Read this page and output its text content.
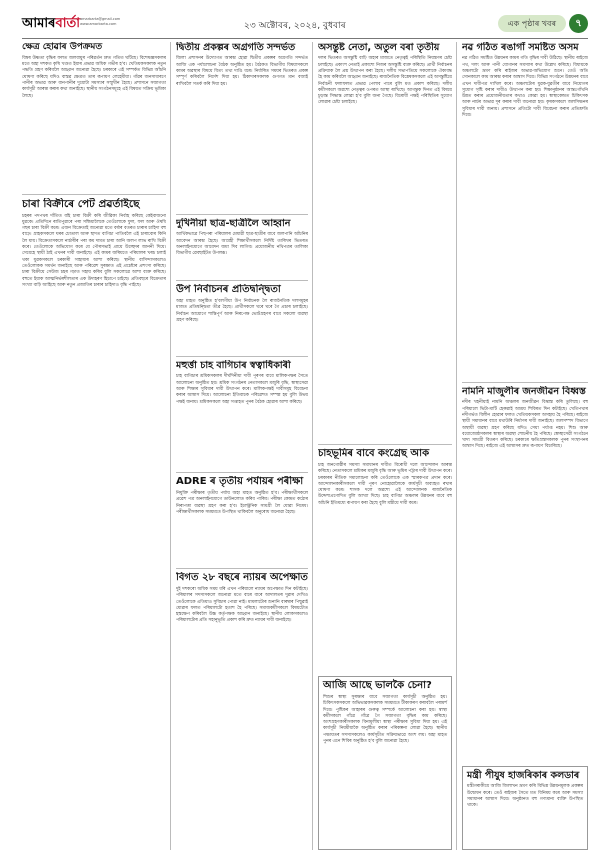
আমাৰ বাৰ্তা amarbarta@gmail.com
www.amarbarta.com	২৩ অক্টোবৰ, ২০২৪, বুধবাৰ	এক পৃষ্ঠাৰ খবৰ	৭
ক্ষেত্ৰ হোৱাৰ উপক্ৰমত

বিশ্বৰ উষ্ণতা বৃদ্ধিৰ ফলত জলবায়ুৰ পৰিৱৰ্তন দ্ৰুত গতিত ঘটিছে। বিশেষজ্ঞসকলৰ মতে অহা দশকত কৃষি খণ্ডত ইয়াৰ প্ৰভাৱ অধিক গভীৰ হ'ব। খেতিয়কসকলক নতুন পদ্ধতি গ্ৰহণ কৰিবলৈ আহ্বান জনোৱা হৈছে। চৰকাৰে এই সম্পৰ্কত বিভিন্ন আঁচনি ঘোষণা কৰিছে যদিও বাস্তৱ ক্ষেত্ৰত তাৰ ৰূপায়ণ লেহেমীয়া। গাঁৱৰ জনসাধাৰণে পানীৰ অভাৱ আৰু বানপানীৰ দুয়োটা সমস্যাৰ সন্মুখীন হৈছে। প্ৰশাসনে সজাগতা কাৰ্যসূচী আৰম্ভ কৰাৰ কথা জনাইছে। স্থানীয় সংগঠনসমূহে এই বিষয়ত সক্ৰিয় ভূমিকা লৈছে।

চাৰা বিক্ৰীৰে পেট প্ৰৱৰ্তাইছে

চহৰৰ পদপথৰ দাঁতিত বহি চাৰা বিক্ৰী কৰি জীৱিকা নিৰ্বাহ কৰিছে কেইবাজনো যুৱকে। প্ৰতিদিনে ৰাতিপুৱাৰে পৰা সন্ধিয়ালৈকে তেওঁলোকে ফুল, ফল আৰু ঔষধি গছৰ চাৰা বিক্ৰী কৰে। এজন বিক্ৰেতাই জনোৱা মতে বৰ্ষাৰ বতৰত চাৰাৰ চাহিদা বহু বাঢ়ে। গ্ৰাহকসকলে ঘৰৰ চোতাল আৰু ছাদত বাগিচা পাতিবলৈ এই চাৰাবোৰ কিনি লৈ যায়। বিক্ৰেতাসকলে নাৰ্চাৰীৰ পৰা কম দামত চাৰা আনি অলপ লাভ ৰাখি বিক্ৰী কৰে। তেওঁলোকে অভিযোগ কৰে যে পৌৰসভাই প্ৰায়ে উচ্ছেদৰ জাননী দিয়ে। সেয়েহে স্থায়ী ঠাই এখনৰ দাবী জনাইছে। এই কামৰ জৰিয়তে পৰিয়ালৰ খৰচ চলাই থকা যুৱকসকলে চৰকাৰী সাহায্যৰ আশা কৰিছে। স্থানীয় বাসিন্দাসকলেও তেওঁলোকক সমৰ্থন জনাইছে আৰু পৰিৱেশ সুৰক্ষাত এই প্ৰচেষ্টাৰ প্ৰশংসা কৰিছে। চাৰা বিক্ৰীয়ে সেউজ চহৰ গঢ়াত সহায় কৰিব বুলি সকলোৱে আশা ব্যক্ত কৰিছে। বহুতে ইয়াক আত্মনিৰ্ভৰশীলতাৰ এক উদাহৰণ হিচাপে চাইছে। প্ৰতিবছৰে বিক্ৰেতাৰ সংখ্যা বাঢ়ি আহিছে আৰু নতুন প্ৰজাতিৰ চাৰাৰ চাহিদাও বৃদ্ধি পাইছে।

দ্বিতীয় প্ৰকল্পৰ অগ্ৰগতি সন্দৰ্ভত

জিলা প্ৰশাসনৰ উদ্যোগত আৰম্ভ হোৱা দ্বিতীয় প্ৰকল্পৰ অগ্ৰগতি সন্দৰ্ভত আজি এক পৰ্যালোচনা বৈঠক অনুষ্ঠিত হয়। বৈঠকত বিভাগীয় বিষয়াসকলে কামৰ অৱস্থাৰ বিষয়ে বিতং তথ্য দাঙি ধৰে। নিৰ্ধাৰিত সময়ৰ ভিতৰত প্ৰকল্প সম্পূৰ্ণ কৰিবলৈ নিৰ্দেশ দিয়া হয়। ঠিকাদাৰসকলক গুণগত মান বজাই ৰাখিবলৈ সতৰ্ক কৰি দিয়া হয়।

দুখিনীয়া ছাত্ৰ-ছাত্ৰীলৈ আহ্বান

আৰ্থিকভাৱে পিছপৰা পৰিয়ালৰ মেধাৱী ছাত্ৰ-ছাত্ৰীৰ বাবে জলপানি আঁচনিৰ আবেদন আৰম্ভ হৈছে। আগ্ৰহী শিক্ষাৰ্থীসকলে নিৰ্দিষ্ট তাৰিখৰ ভিতৰত অনলাইনযোগে আবেদন জমা দিব লাগিব। প্ৰয়োজনীয় নথিপত্ৰৰ তালিকা বিভাগীয় ৱেবছাইটত উপলব্ধ।

উপ নিৰ্বাচনৰ প্ৰতিদ্বন্দ্বিতা

অহা মাহত অনুষ্ঠিত হ'বলগীয়া উপ নিৰ্বাচনক লৈ ৰাজনৈতিক দলসমূহৰ মাজত প্ৰতিদ্বন্দ্বিতা তীব্ৰ হৈছে। প্ৰাৰ্থীসকলে ঘৰে ঘৰে গৈ প্ৰচাৰ চলাইছে। নিৰ্বাচন আয়োগে শান্তিপূৰ্ণ আৰু নিৰপেক্ষ ভোটগ্ৰহণৰ বাবে সকলো ব্যৱস্থা গ্ৰহণ কৰিছে।

মহুৰ্ত্তা চাহ বাগিচাৰ স্বত্বাধিকাৰী

চাহ বাগিচাৰ শ্ৰমিকসকলৰ দীৰ্ঘদিনীয়া দাবী পূৰণৰ বাবে মালিকপক্ষৰ সৈতে আলোচনা অনুষ্ঠিত হয়। শ্ৰমিক সংগঠনৰ নেতাসকলে মজুৰি বৃদ্ধি, স্বাস্থ্যসেৱা আৰু শিক্ষাৰ সুবিধাৰ দাবী উত্থাপন কৰে। মালিকপক্ষই দাবীসমূহ বিবেচনা কৰাৰ আশ্বাস দিয়ে। আলোচনা ইতিবাচক পৰিৱেশত সম্পন্ন হয় বুলি উভয় পক্ষই জনায়। শ্ৰমিকসকলে অহা সপ্তাহত পুনৰ বৈঠক হোৱাৰ আশা কৰিছে।

ADRE ৰ তৃতীয় পৰ্যায়ৰ পৰীক্ষা

নিযুক্তি পৰীক্ষাৰ তৃতীয় পৰ্যায় অহা মাহত অনুষ্ঠিত হ'ব। পৰীক্ষাৰ্থীসকলে প্ৰৱেশ পত্ৰ অনলাইনযোগে ডাউনলোড কৰিব পাৰিব। পৰীক্ষা কেন্দ্ৰত কঠোৰ নিৰাপত্তা ব্যৱস্থা গ্ৰহণ কৰা হ'ব। ইলেক্ট্ৰনিক সামগ্ৰী লৈ যোৱা নিষেধ। পৰীক্ষাৰ্থীসকলক সময়মতে উপস্থিত থাকিবলৈ অনুৰোধ জনোৱা হৈছে।

বিগত ২৮ বছৰে ন্যায়ৰ অপেক্ষাত

দুই দশকৰো অধিক সময় ধৰি এখন পৰিয়ালে ন্যায়ৰ অপেক্ষাত দিন কটাইছে। পৰিয়ালৰ সদস্যসকলে জনোৱা মতে বাৰে বাৰে আদালতৰ দুৱাৰ দেখিও তেওঁলোকে এতিয়াও সুবিচাৰ পোৱা নাই। মামলাটোৰ শুনানি বাৰম্বাৰ পিছুৱাই যোৱাৰ ফলত পৰিয়ালটো হতাশ হৈ পৰিছে। সমাজকৰ্মীসকলে বিষয়টোত হস্তক্ষেপ কৰিবলৈ উচ্চ কৰ্তৃপক্ষক আহ্বান জনাইছে। স্থানীয় লোকসকলেও পৰিয়ালটোৰ প্ৰতি সহানুভূতি প্ৰকাশ কৰি দ্ৰুত ন্যায়ৰ দাবী জনাইছে।

অসন্তুষ্ট নেতা, অতুল বৰা তৃতীয়

দলৰ ভিতৰত অসন্তুষ্টি বাঢ়ি অহাৰ মাজতে নেতৃত্বই পৰিস্থিতি নিয়ন্ত্ৰণৰ চেষ্টা চলাইছে। একাংশ নেতাই প্ৰকাশ্যে নিজৰ অসন্তুষ্টি ব্যক্ত কৰিছে। প্ৰাৰ্থী নিৰ্বাচনৰ প্ৰক্ৰিয়াক লৈ প্ৰশ্ন উত্থাপন কৰা হৈছে। দলীয় সভাপতিয়ে সকলোকে ঐক্যবদ্ধ হৈ কাম কৰিবলৈ আহ্বান জনাইছে। ৰাজনৈতিক বিশ্লেষকসকলে এই অসন্তুষ্টিয়ে নিৰ্বাচনী ফলাফলত প্ৰভাৱ পেলাব পাৰে বুলি মত প্ৰকাশ কৰিছে। দলীয় কৰ্মীসকলে অৱশ্যে নেতৃত্বৰ ওপৰত আস্থা ৰাখিছে। আগন্তুক দিনত এই বিষয়ে চূড়ান্ত সিদ্ধান্ত লোৱা হ'ব বুলি জনা গৈছে। বিৰোধী পক্ষই পৰিস্থিতিৰ সুযোগ লোৱাৰ চেষ্টা চলাইছে।

চাহভূমিৰ বাবে কংগ্ৰেছ আক

চাহ জনগোষ্ঠীৰ সমস্যা সমাধানৰ দাবীত বিৰোধী দলে আন্দোলন আৰম্ভ কৰিছে। নেতাসকলে শ্ৰমিকৰ মজুৰি বৃদ্ধি আৰু ভূমিৰ পট্টাৰ দাবী উত্থাপন কৰে। চৰকাৰৰ নীতিক সমালোচনা কৰি তেওঁলোকে এক স্মাৰকপত্ৰ প্ৰদান কৰে। আন্দোলনকাৰীসকলে দাবী পূৰণ নোহোৱালৈকে কাৰ্যসূচী অব্যাহত ৰখাৰ ঘোষণা কৰে। শাসক দলে অৱশ্যে এই আন্দোলনক ৰাজনৈতিক উদ্দেশ্যপ্ৰণোদিত বুলি আখ্যা দিছে। চাহ বাগিচা অঞ্চলৰ উন্নয়নৰ বাবে বহু আঁচনি ইতিমধ্যে ৰূপায়ণ কৰা হৈছে বুলি মন্ত্ৰীয়ে দাবী কৰে।

আজি আছে ভালকৈ চেনা?

শিশুৰ স্বাস্থ্য সুৰক্ষাৰ বাবে সজাগতা কাৰ্যসূচী অনুষ্ঠিত হয়। চিকিৎসকসকলে অভিভাৱকসকলক সময়মতে টীকাকৰণ কৰাবলৈ পৰামৰ্শ দিয়ে। পুষ্টিকৰ আহাৰৰ গুৰুত্ব সম্পৰ্কে আলোচনা কৰা হয়। স্বাস্থ্য কৰ্মীসকলে গাঁৱে গাঁৱে গৈ সজাগতা বৃদ্ধিৰ কাম কৰিছে। অংশগ্ৰহণকাৰীসকলক বিনামূলীয়া স্বাস্থ্য পৰীক্ষাৰ সুবিধা দিয়া হয়। এই কাৰ্যসূচী নিয়মীয়াকৈ অনুষ্ঠিত কৰাৰ পৰিকল্পনা লোৱা হৈছে। স্থানীয় পঞ্চায়তৰ সদস্যসকলেও কাৰ্যসূচীত সক্ৰিয়ভাৱে অংশ লয়। অহা মাহত পুনৰ এনে শিবিৰ অনুষ্ঠিত হ'ব বুলি জনোৱা হৈছে।

নৱ গঠিত ৰঙাগাঁ সমষ্টিত অসম

নৱ গঠিত সমষ্টিত উন্নয়নৰ কামৰ গতি বৃদ্ধিৰ দাবী উঠিছে। স্থানীয় ৰাইজে পথ, দলং আৰু পানী যোগানৰ সমস্যাৰ কথা উল্লেখ কৰিছে। বিধায়কে অঞ্চলটো ভ্ৰমণ কৰি ৰাইজৰ অভাৱ-অভিযোগ শুনে। তেওঁ অতি সোনকালে কাম আৰম্ভ কৰাৰ আশ্বাস দিয়ে। বিভিন্ন সংগঠনে উন্নয়নৰ বাবে এখন দাবীপত্ৰ দাখিল কৰে। অঞ্চলটোৰ যুৱক-যুৱতীৰ বাবে নিয়োগৰ সুযোগ সৃষ্টি কৰাৰ দাবীও উত্থাপন কৰা হয়। শিক্ষানুষ্ঠানৰ আন্তঃগাঁথনি উন্নত কৰাৰ প্ৰয়োজনীয়তাৰ কথাও কোৱা হয়। স্বাস্থ্যকেন্দ্ৰত চিকিৎসক আৰু নাৰ্চৰ অভাৱ দূৰ কৰাৰ দাবী জনোৱা হয়। কৃষকসকলে জলসিঞ্চনৰ সুবিধাৰ দাবী জনায়। প্ৰশাসনে প্ৰতিটো দাবী বিবেচনা কৰাৰ প্ৰতিশ্ৰুতি দিয়ে।

নামনি মাজুলীৰ জনজীৱন বিধ্বস্ত

নদীৰ খহনীয়াই নামনি অঞ্চলৰ জনজীৱন বিধ্বস্ত কৰি তুলিছে। বহু পৰিয়ালে ভিটা-মাটি হেৰুৱাই আশ্ৰয় শিবিৰত দিন কটাইছে। খেতিপথাৰ নদীগৰ্ভত বিলীন হোৱাৰ ফলত খেতিয়কসকল অসহায় হৈ পৰিছে। ৰাইজে স্থায়ী সমাধানৰ বাবে মথাউৰি নিৰ্মাণৰ দাবী জনাইছে। জলসম্পদ বিভাগে অস্থায়ী ব্যৱস্থা গ্ৰহণ কৰিছে যদিও সেয়া পৰ্যাপ্ত নহয়। শিশু আৰু বয়োজ্যেষ্ঠসকলৰ স্বাস্থ্যৰ অৱস্থা শোচনীয় হৈ পৰিছে। স্বেচ্ছাসেৱী সংগঠনে খাদ্য সামগ্ৰী বিতৰণ কৰিছে। চৰকাৰে ক্ষতিগ্ৰস্তসকলক পুনৰ সংস্থাপনৰ আশ্বাস দিছে। ৰাইজে এই আশ্বাসৰ দ্ৰুত ৰূপায়ণ বিচাৰিছে।

মন্ত্ৰী পীযুষ হাজৰিকাৰ কলডাৰ

মন্ত্ৰীগৰাকীয়ে আজি জিলাখন ভ্ৰমণ কৰি বিভিন্ন উন্নয়নমূলক প্ৰকল্পৰ উদ্বোধন কৰে। তেওঁ ৰাইজৰ সৈতে মত বিনিময় কৰে আৰু সমস্যা সমাধানৰ আশ্বাস দিয়ে। অনুষ্ঠানত বহু গণ্যমান্য ব্যক্তি উপস্থিত থাকে।
